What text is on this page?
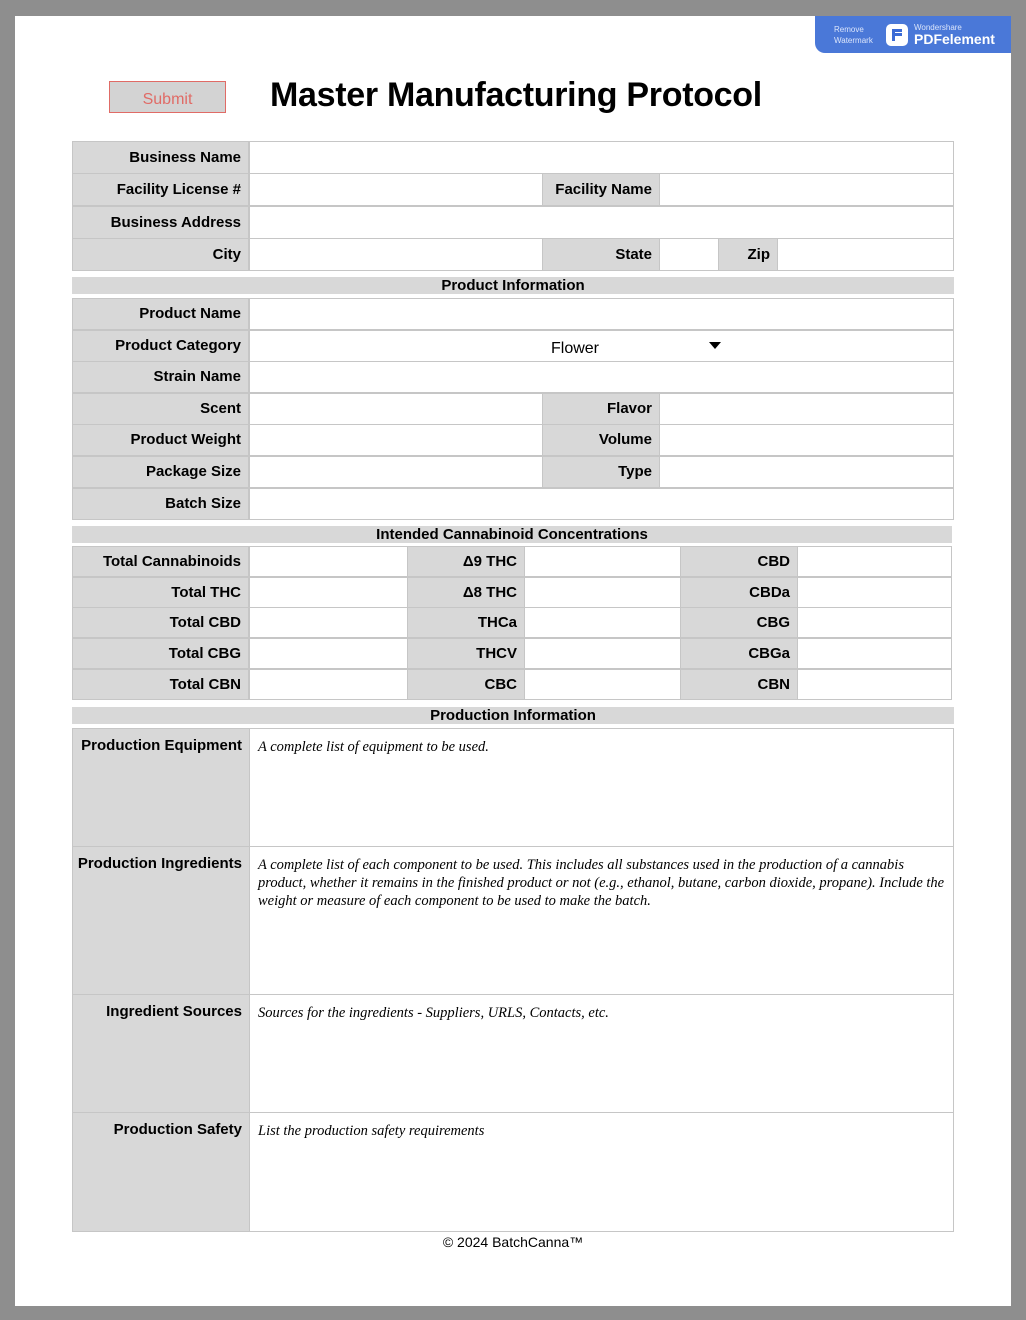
Remove Watermark
Wondershare
PDFelement
Submit	Master Manufacturing Protocol
Business Name
Facility License #	Facility Name
Business Address
City	State	Zip
Product Information
Product Name
Product Category	Flower
Strain Name
Scent	Flavor
Product Weight	Volume
Package Size	Type
Batch Size
Intended Cannabinoid Concentrations
Production Information
Production Equipment	A complete list of equipment to be used.
Production Ingredients	A complete list of each component to be used. This includes all substances used in the production of a cannabis product, whether it remains in the finished product or not (e.g., ethanol, butane, carbon dioxide, propane). Include the weight or measure of each component to be used to make the batch.
Ingredient Sources	Sources for the ingredients - Suppliers, URLS, Contacts, etc.
Production Safety	List the production safety requirements
© 2024 BatchCanna™
Total Cannabinoids	Δ9 THC	CBD
Total THC	Δ8 THC	CBDa
Total CBD	THCa	CBG
Total CBG	THCV	CBGa
Total CBN	CBC	CBN
